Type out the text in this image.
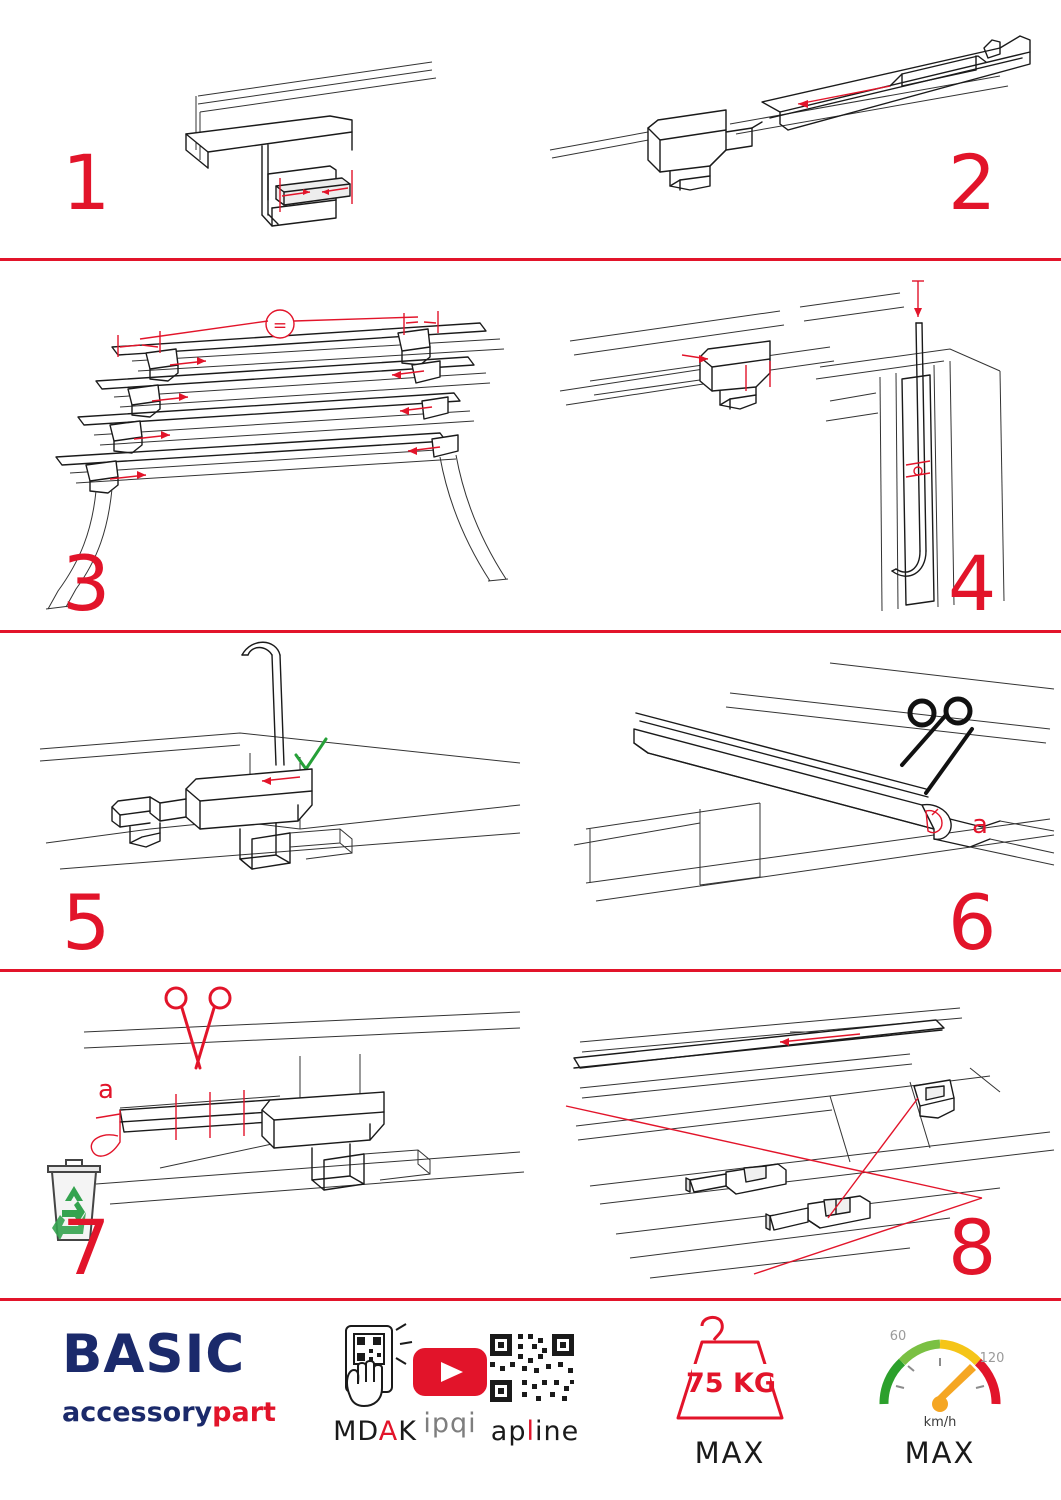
1	2
=
3	4
5
a
6
a
7	8
BASIC
accessorypart
MDAK ipqi apline
75 KG
MAX
60
120
km/h
MAX
